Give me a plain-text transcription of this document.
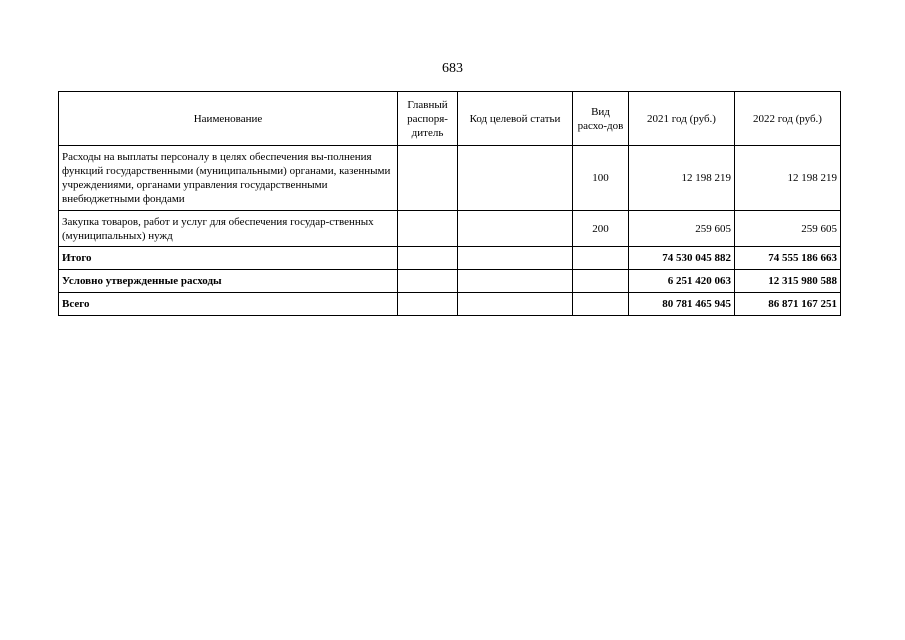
683
Наименование	Главный распоря-дитель	Код целевой статьи	Вид расхо-дов	2021 год (руб.)	2022 год (руб.)
Расходы на выплаты персоналу в целях обеспечения вы-полнения функций государственными (муниципальными) органами, казенными учреждениями, органами управления государственными внебюджетными фондами			100	12 198 219	12 198 219
Закупка товаров, работ и услуг для обеспечения государ-ственных (муниципальных) нужд			200	259 605	259 605
Итого				74 530 045 882	74 555 186 663
Условно утвержденные расходы				6 251 420 063	12 315 980 588
Всего				80 781 465 945	86 871 167 251
